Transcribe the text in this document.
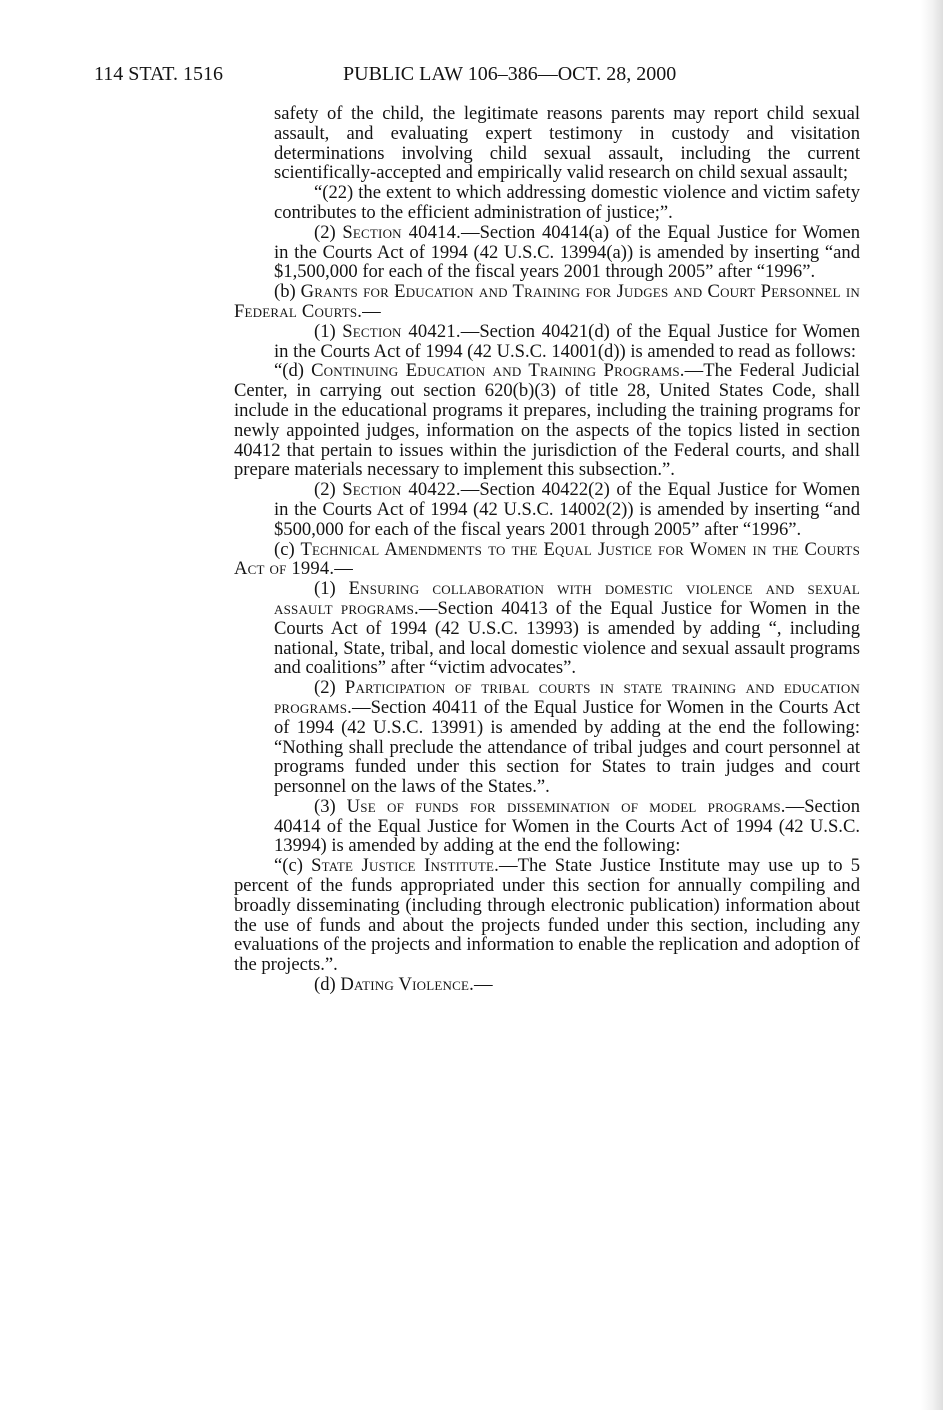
114 STAT. 1516	PUBLIC LAW 106–386—OCT. 28, 2000

safety of the child, the legitimate reasons parents may report child sexual assault, and evaluating expert testimony in custody and visitation determinations involving child sexual assault, including the current scientifically-accepted and empirically valid research on child sexual assault;

“(22) the extent to which addressing domestic violence and victim safety contributes to the efficient administration of justice;”.

(2) Section 40414.—Section 40414(a) of the Equal Justice for Women in the Courts Act of 1994 (42 U.S.C. 13994(a)) is amended by inserting “and $1,500,000 for each of the fiscal years 2001 through 2005” after “1996”.

(b) Grants for Education and Training for Judges and Court Personnel in Federal Courts.—

(1) Section 40421.—Section 40421(d) of the Equal Justice for Women in the Courts Act of 1994 (42 U.S.C. 14001(d)) is amended to read as follows:

“(d) Continuing Education and Training Programs.—The Federal Judicial Center, in carrying out section 620(b)(3) of title 28, United States Code, shall include in the educational programs it prepares, including the training programs for newly appointed judges, information on the aspects of the topics listed in section 40412 that pertain to issues within the jurisdiction of the Federal courts, and shall prepare materials necessary to implement this subsection.”.

(2) Section 40422.—Section 40422(2) of the Equal Justice for Women in the Courts Act of 1994 (42 U.S.C. 14002(2)) is amended by inserting “and $500,000 for each of the fiscal years 2001 through 2005” after “1996”.

(c) Technical Amendments to the Equal Justice for Women in the Courts Act of 1994.—

(1) Ensuring collaboration with domestic violence and sexual assault programs.—Section 40413 of the Equal Justice for Women in the Courts Act of 1994 (42 U.S.C. 13993) is amended by adding “, including national, State, tribal, and local domestic violence and sexual assault programs and coalitions” after “victim advocates”.

(2) Participation of tribal courts in state training and education programs.—Section 40411 of the Equal Justice for Women in the Courts Act of 1994 (42 U.S.C. 13991) is amended by adding at the end the following: “Nothing shall preclude the attendance of tribal judges and court personnel at programs funded under this section for States to train judges and court personnel on the laws of the States.”.

(3) Use of funds for dissemination of model programs.—Section 40414 of the Equal Justice for Women in the Courts Act of 1994 (42 U.S.C. 13994) is amended by adding at the end the following:

“(c) State Justice Institute.—The State Justice Institute may use up to 5 percent of the funds appropriated under this section for annually compiling and broadly disseminating (including through electronic publication) information about the use of funds and about the projects funded under this section, including any evaluations of the projects and information to enable the replication and adoption of the projects.”.

(d) Dating Violence.—
